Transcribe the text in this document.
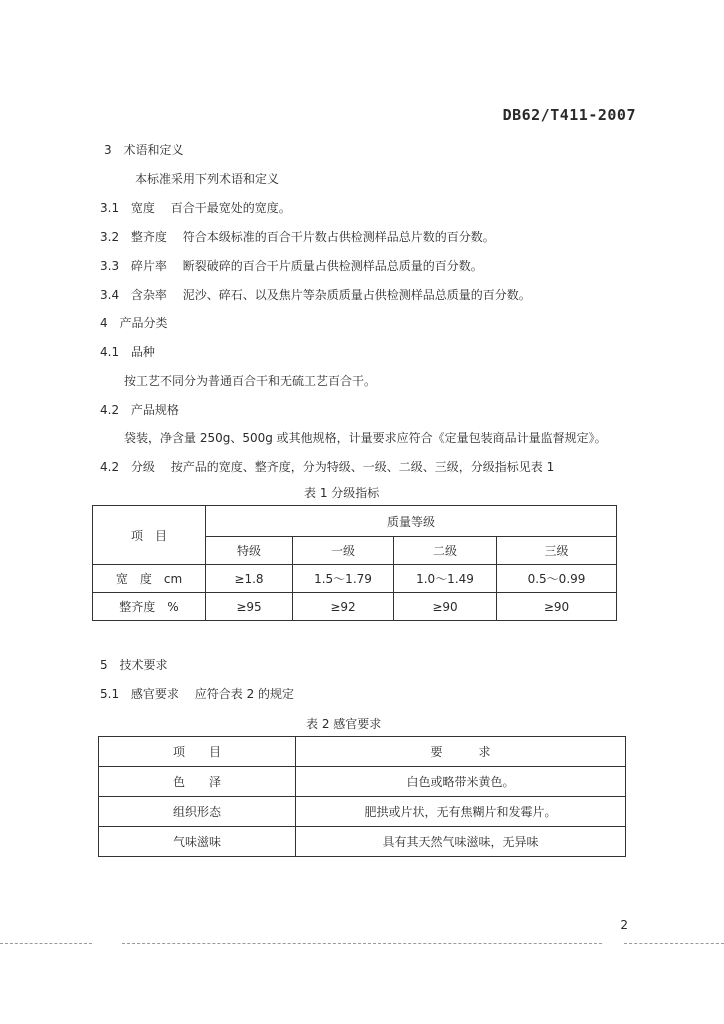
DB62/T411-2007
3 术语和定义
本标准采用下列术语和定义
3.1 宽度 百合干最宽处的宽度。
3.2 整齐度 符合本级标准的百合干片数占供检测样品总片数的百分数。
3.3 碎片率 断裂破碎的百合干片质量占供检测样品总质量的百分数。
3.4 含杂率 泥沙、碎石、以及焦片等杂质质量占供检测样品总质量的百分数。
4 产品分类
4.1 品种
按工艺不同分为普通百合干和无硫工艺百合干。
4.2 产品规格
袋装，净含量 250g、500g 或其他规格，计量要求应符合《定量包装商品计量监督规定》。
4.2 分级 按产品的宽度、整齐度，分为特级、一级、二级、三级，分级指标见表 1
表 1 分级指标
项　目	质量等级			
	特级	一级	二级	三级
宽　度　cm	≥1.8	1.5～1.79	1.0～1.49	0.5～0.99
整齐度　%	≥95	≥92	≥90	≥90
5 技术要求
5.1 感官要求 应符合表 2 的规定
表 2 感官要求
项　　目	要　　　求
色　　泽	白色或略带米黄色。
组织形态	肥拱或片状，无有焦糊片和发霉片。
气味滋味	具有其天然气味滋味，无异味
2
